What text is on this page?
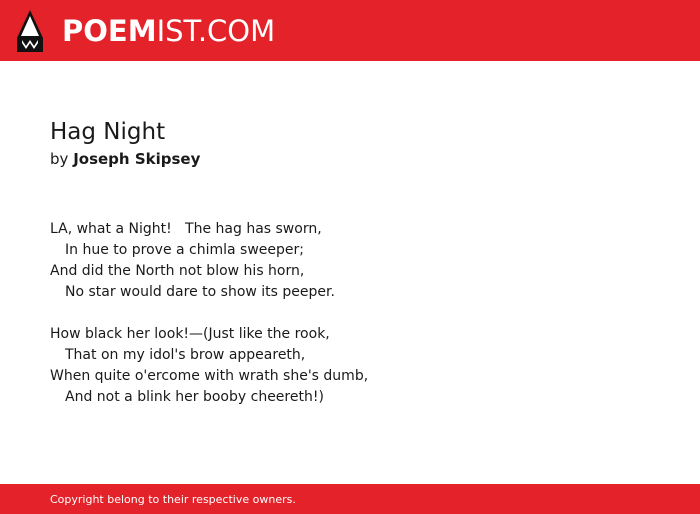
POEMIST.COM
Hag Night
by Joseph Skipsey
LA, what a Night!   The hag has sworn,
In hue to prove a chimla sweeper;
And did the North not blow his horn,
No star would dare to show its peeper.
How black her look!—(Just like the rook,
That on my idol's brow appeareth,
When quite o'ercome with wrath she's dumb,
And not a blink her booby cheereth!)
Copyright belong to their respective owners.
